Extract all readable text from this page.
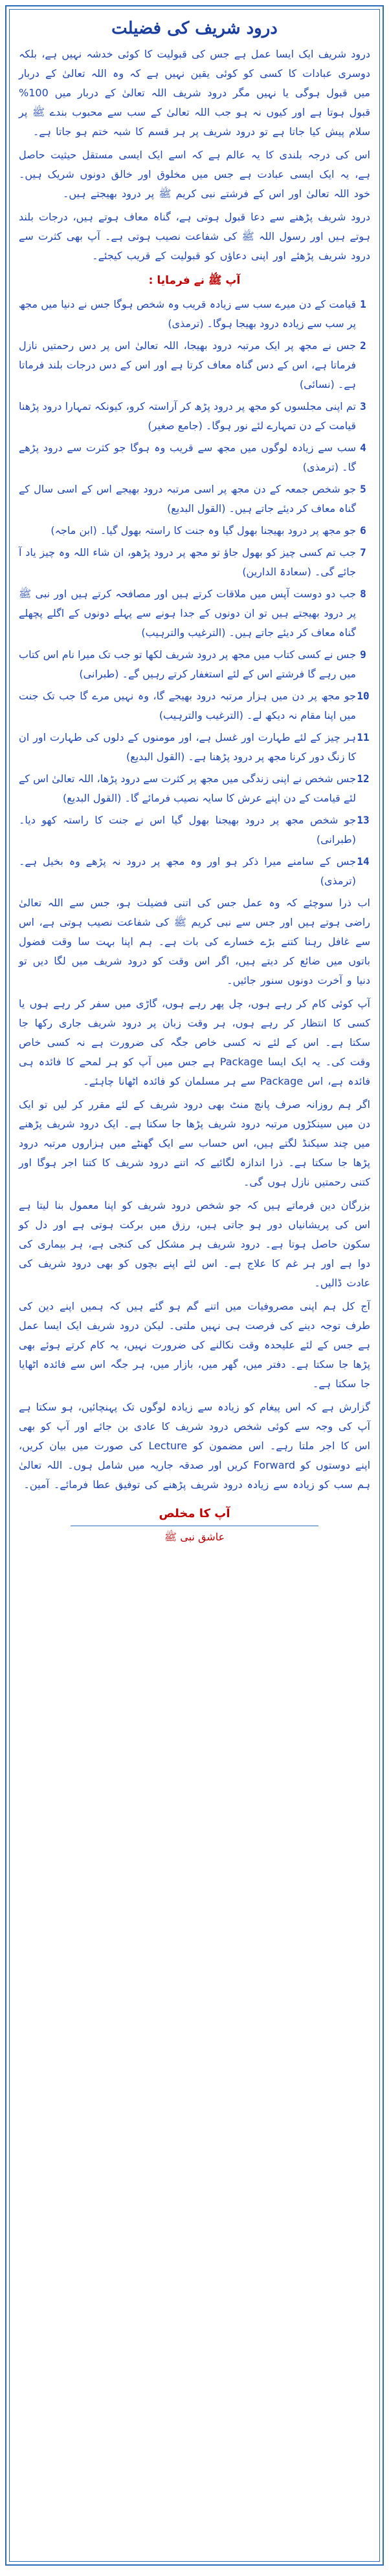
درود شریف کی فضیلت

درود شریف ایک ایسا عمل ہے جس کی قبولیت کا کوئی خدشہ نہیں ہے، بلکہ دوسری عبادات کا کسی کو کوئی یقین نہیں ہے کہ وہ اللہ تعالیٰ کے دربار میں قبول ہوگی یا نہیں مگر درود شریف اللہ تعالیٰ کے دربار میں 100% قبول ہوتا ہے اور کیوں نہ ہو جب اللہ تعالیٰ کے سب سے محبوب بندے ﷺ پر سلام پیش کیا جاتا ہے تو درود شریف پر ہر قسم کا شبہ ختم ہو جاتا ہے۔

اس کی درجہ بلندی کا یہ عالم ہے کہ اسے ایک ایسی مستقل حیثیت حاصل ہے، یہ ایک ایسی عبادت ہے جس میں مخلوق اور خالق دونوں شریک ہیں۔ خود اللہ تعالیٰ اور اس کے فرشتے نبی کریم ﷺ پر درود بھیجتے ہیں۔

درود شریف پڑھنے سے دعا قبول ہوتی ہے، گناہ معاف ہوتے ہیں، درجات بلند ہوتے ہیں اور رسول اللہ ﷺ کی شفاعت نصیب ہوتی ہے۔ آپ بھی کثرت سے درود شریف پڑھئے اور اپنی دعاؤں کو قبولیت کے قریب کیجئے۔

آپ ﷺ نے فرمایا :
1
قیامت کے دن میرے سب سے زیادہ قریب وہ شخص ہوگا جس نے دنیا میں مجھ پر سب سے زیادہ درود بھیجا ہوگا۔ (ترمذی)
2
جس نے مجھ پر ایک مرتبہ درود بھیجا، اللہ تعالیٰ اس پر دس رحمتیں نازل فرماتا ہے، اس کے دس گناہ معاف کرتا ہے اور اس کے دس درجات بلند فرماتا ہے۔ (نسائی)
3
تم اپنی مجلسوں کو مجھ پر درود پڑھ کر آراستہ کرو، کیونکہ تمہارا درود پڑھنا قیامت کے دن تمہارے لئے نور ہوگا۔ (جامع صغیر)
4
سب سے زیادہ لوگوں میں مجھ سے قریب وہ ہوگا جو کثرت سے درود پڑھے گا۔ (ترمذی)
5
جو شخص جمعہ کے دن مجھ پر اسی مرتبہ درود بھیجے اس کے اسی سال کے گناہ معاف کر دیئے جاتے ہیں۔ (القول البدیع)
6
جو مجھ پر درود بھیجنا بھول گیا وہ جنت کا راستہ بھول گیا۔ (ابن ماجہ)
7
جب تم کسی چیز کو بھول جاؤ تو مجھ پر درود پڑھو، ان شاء اللہ وہ چیز یاد آ جائے گی۔ (سعادۃ الدارین)
8
جب دو دوست آپس میں ملاقات کرتے ہیں اور مصافحہ کرتے ہیں اور نبی ﷺ پر درود بھیجتے ہیں تو ان دونوں کے جدا ہونے سے پہلے دونوں کے اگلے پچھلے گناہ معاف کر دیئے جاتے ہیں۔ (الترغیب والترہیب)
9
جس نے کسی کتاب میں مجھ پر درود شریف لکھا تو جب تک میرا نام اس کتاب میں رہے گا فرشتے اس کے لئے استغفار کرتے رہیں گے۔ (طبرانی)
10
جو مجھ پر دن میں ہزار مرتبہ درود بھیجے گا، وہ نہیں مرے گا جب تک جنت میں اپنا مقام نہ دیکھ لے۔ (الترغیب والترہیب)
11
ہر چیز کے لئے طہارت اور غسل ہے، اور مومنوں کے دلوں کی طہارت اور ان کا زنگ دور کرنا مجھ پر درود پڑھنا ہے۔ (القول البدیع)
12
جس شخص نے اپنی زندگی میں مجھ پر کثرت سے درود پڑھا، اللہ تعالیٰ اس کے لئے قیامت کے دن اپنے عرش کا سایہ نصیب فرمائے گا۔ (القول البدیع)
13
جو شخص مجھ پر درود بھیجنا بھول گیا اس نے جنت کا راستہ کھو دیا۔ (طبرانی)
14
جس کے سامنے میرا ذکر ہو اور وہ مجھ پر درود نہ پڑھے وہ بخیل ہے۔ (ترمذی)

اب ذرا سوچئے کہ وہ عمل جس کی اتنی فضیلت ہو، جس سے اللہ تعالیٰ راضی ہوتے ہیں اور جس سے نبی کریم ﷺ کی شفاعت نصیب ہوتی ہے، اس سے غافل رہنا کتنے بڑے خسارے کی بات ہے۔ ہم اپنا بہت سا وقت فضول باتوں میں ضائع کر دیتے ہیں، اگر اس وقت کو درود شریف میں لگا دیں تو دنیا و آخرت دونوں سنور جائیں۔

آپ کوئی کام کر رہے ہوں، چل پھر رہے ہوں، گاڑی میں سفر کر رہے ہوں یا کسی کا انتظار کر رہے ہوں، ہر وقت زبان پر درود شریف جاری رکھا جا سکتا ہے۔ اس کے لئے نہ کسی خاص جگہ کی ضرورت ہے نہ کسی خاص وقت کی۔ یہ ایک ایسا Package ہے جس میں آپ کو ہر لمحے کا فائدہ ہی فائدہ ہے، اس Package سے ہر مسلمان کو فائدہ اٹھانا چاہئے۔

اگر ہم روزانہ صرف پانچ منٹ بھی درود شریف کے لئے مقرر کر لیں تو ایک دن میں سینکڑوں مرتبہ درود شریف پڑھا جا سکتا ہے۔ ایک درود شریف پڑھنے میں چند سیکنڈ لگتے ہیں، اس حساب سے ایک گھنٹے میں ہزاروں مرتبہ درود پڑھا جا سکتا ہے۔ ذرا اندازہ لگائیے کہ اتنے درود شریف کا کتنا اجر ہوگا اور کتنی رحمتیں نازل ہوں گی۔

بزرگان دین فرماتے ہیں کہ جو شخص درود شریف کو اپنا معمول بنا لیتا ہے اس کی پریشانیاں دور ہو جاتی ہیں، رزق میں برکت ہوتی ہے اور دل کو سکون حاصل ہوتا ہے۔ درود شریف ہر مشکل کی کنجی ہے، ہر بیماری کی دوا ہے اور ہر غم کا علاج ہے۔ اس لئے اپنے بچوں کو بھی درود شریف کی عادت ڈالیں۔

آج کل ہم اپنی مصروفیات میں اتنے گم ہو گئے ہیں کہ ہمیں اپنے دین کی طرف توجہ دینے کی فرصت ہی نہیں ملتی۔ لیکن درود شریف ایک ایسا عمل ہے جس کے لئے علیحدہ وقت نکالنے کی ضرورت نہیں، یہ کام کرتے ہوئے بھی پڑھا جا سکتا ہے۔ دفتر میں، گھر میں، بازار میں، ہر جگہ اس سے فائدہ اٹھایا جا سکتا ہے۔

گزارش ہے کہ اس پیغام کو زیادہ سے زیادہ لوگوں تک پہنچائیں، ہو سکتا ہے آپ کی وجہ سے کوئی شخص درود شریف کا عادی بن جائے اور آپ کو بھی اس کا اجر ملتا رہے۔ اس مضمون کو Lecture کی صورت میں بیان کریں، اپنے دوستوں کو Forward کریں اور صدقہ جاریہ میں شامل ہوں۔ اللہ تعالیٰ ہم سب کو زیادہ سے زیادہ درود شریف پڑھنے کی توفیق عطا فرمائے۔ آمین۔

آپ کا مخلص
عاشق نبی ﷺ
